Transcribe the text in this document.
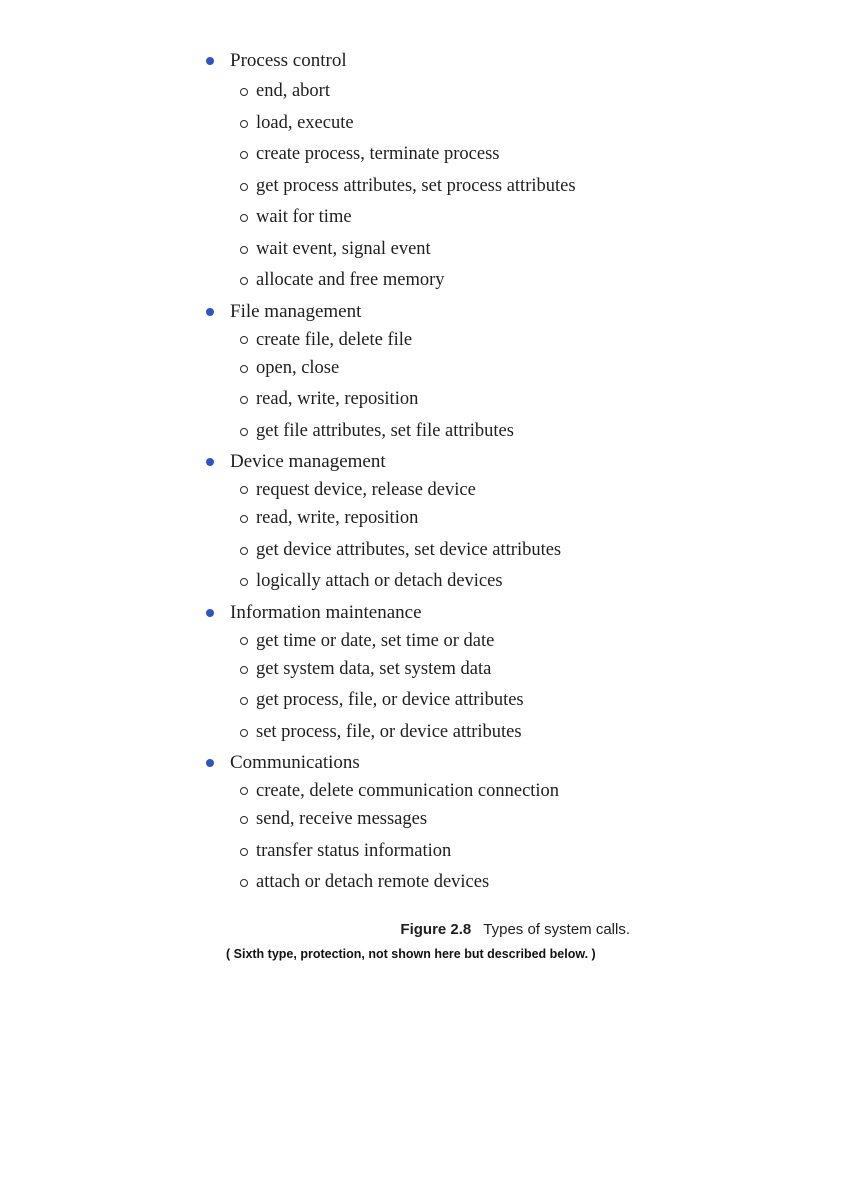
Process control
end, abort
load, execute
create process, terminate process
get process attributes, set process attributes
wait for time
wait event, signal event
allocate and free memory
File management
create file, delete file
open, close
read, write, reposition
get file attributes, set file attributes
Device management
request device, release device
read, write, reposition
get device attributes, set device attributes
logically attach or detach devices
Information maintenance
get time or date, set time or date
get system data, set system data
get process, file, or device attributes
set process, file, or device attributes
Communications
create, delete communication connection
send, receive messages
transfer status information
attach or detach remote devices
Figure 2.8 Types of system calls.
( Sixth type, protection, not shown here but described below. )
